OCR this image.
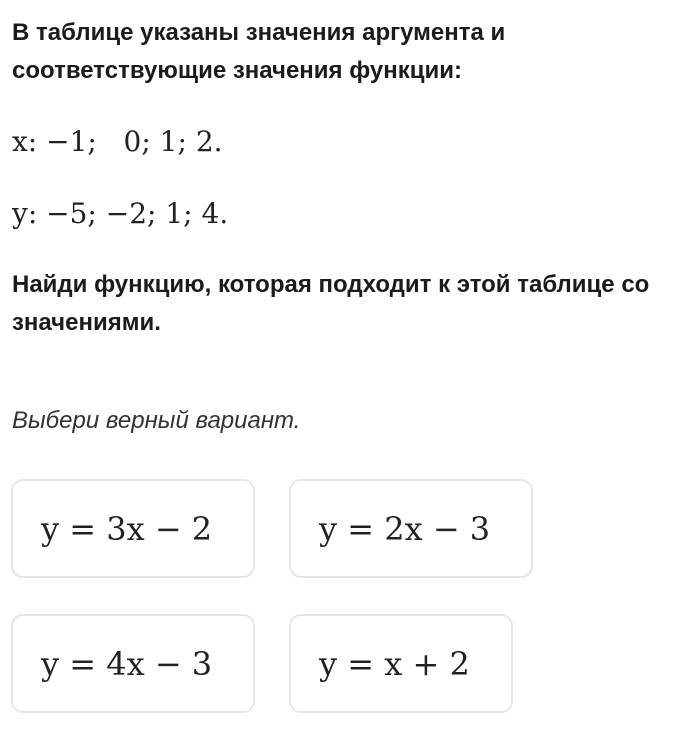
В таблице указаны значения аргумента и соответствующие значения функции:

x: −1;   0; 1; 2.

y: −5; −2; 1; 4.

Найди функцию, которая подходит к этой таблице со значениями.

Выбери верный вариант.

y = 3x − 2	y = 2x − 3
y = 4x − 3	y = x + 2
